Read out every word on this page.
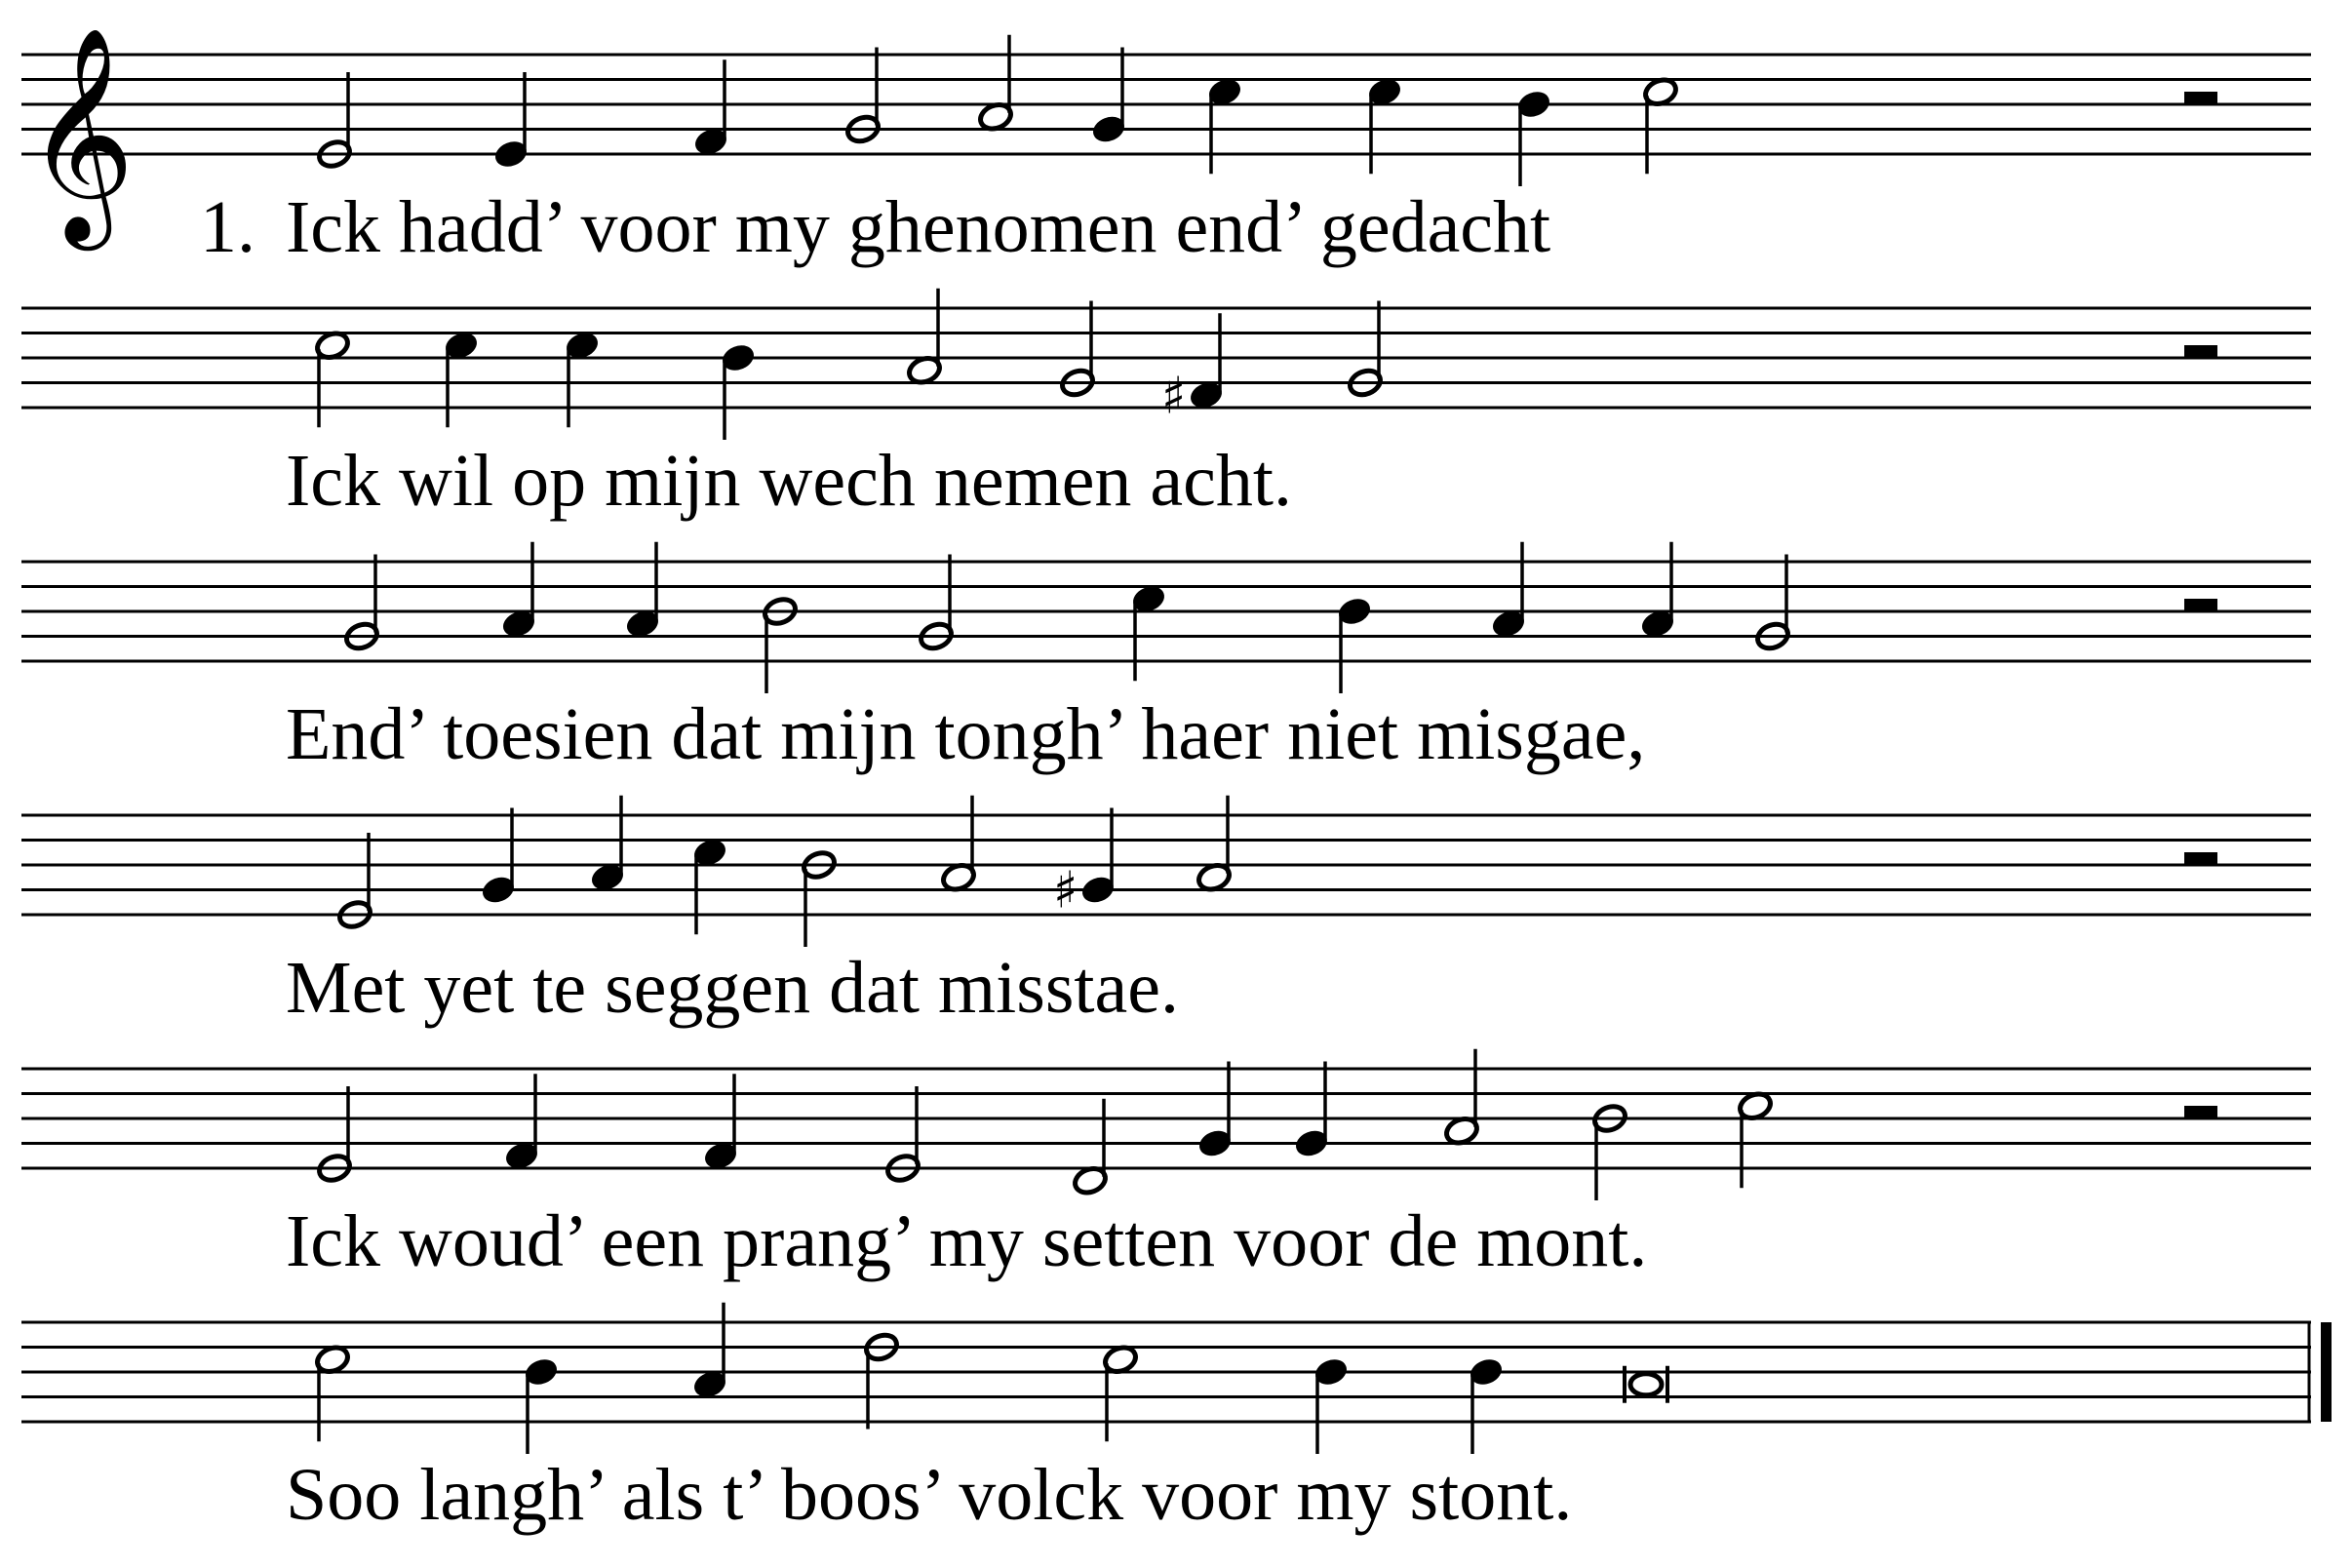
𝄞
♯
♯
1. Ick hadd’ voor my ghenomen end’ gedacht
Ick wil op mijn wech nemen acht.
End’ toesien dat mijn tongh’ haer niet misgae,
Met yet te seggen dat misstae.
Ick woud’ een prang’ my setten voor de mont.
Soo langh’ als t’ boos’ volck voor my stont.
